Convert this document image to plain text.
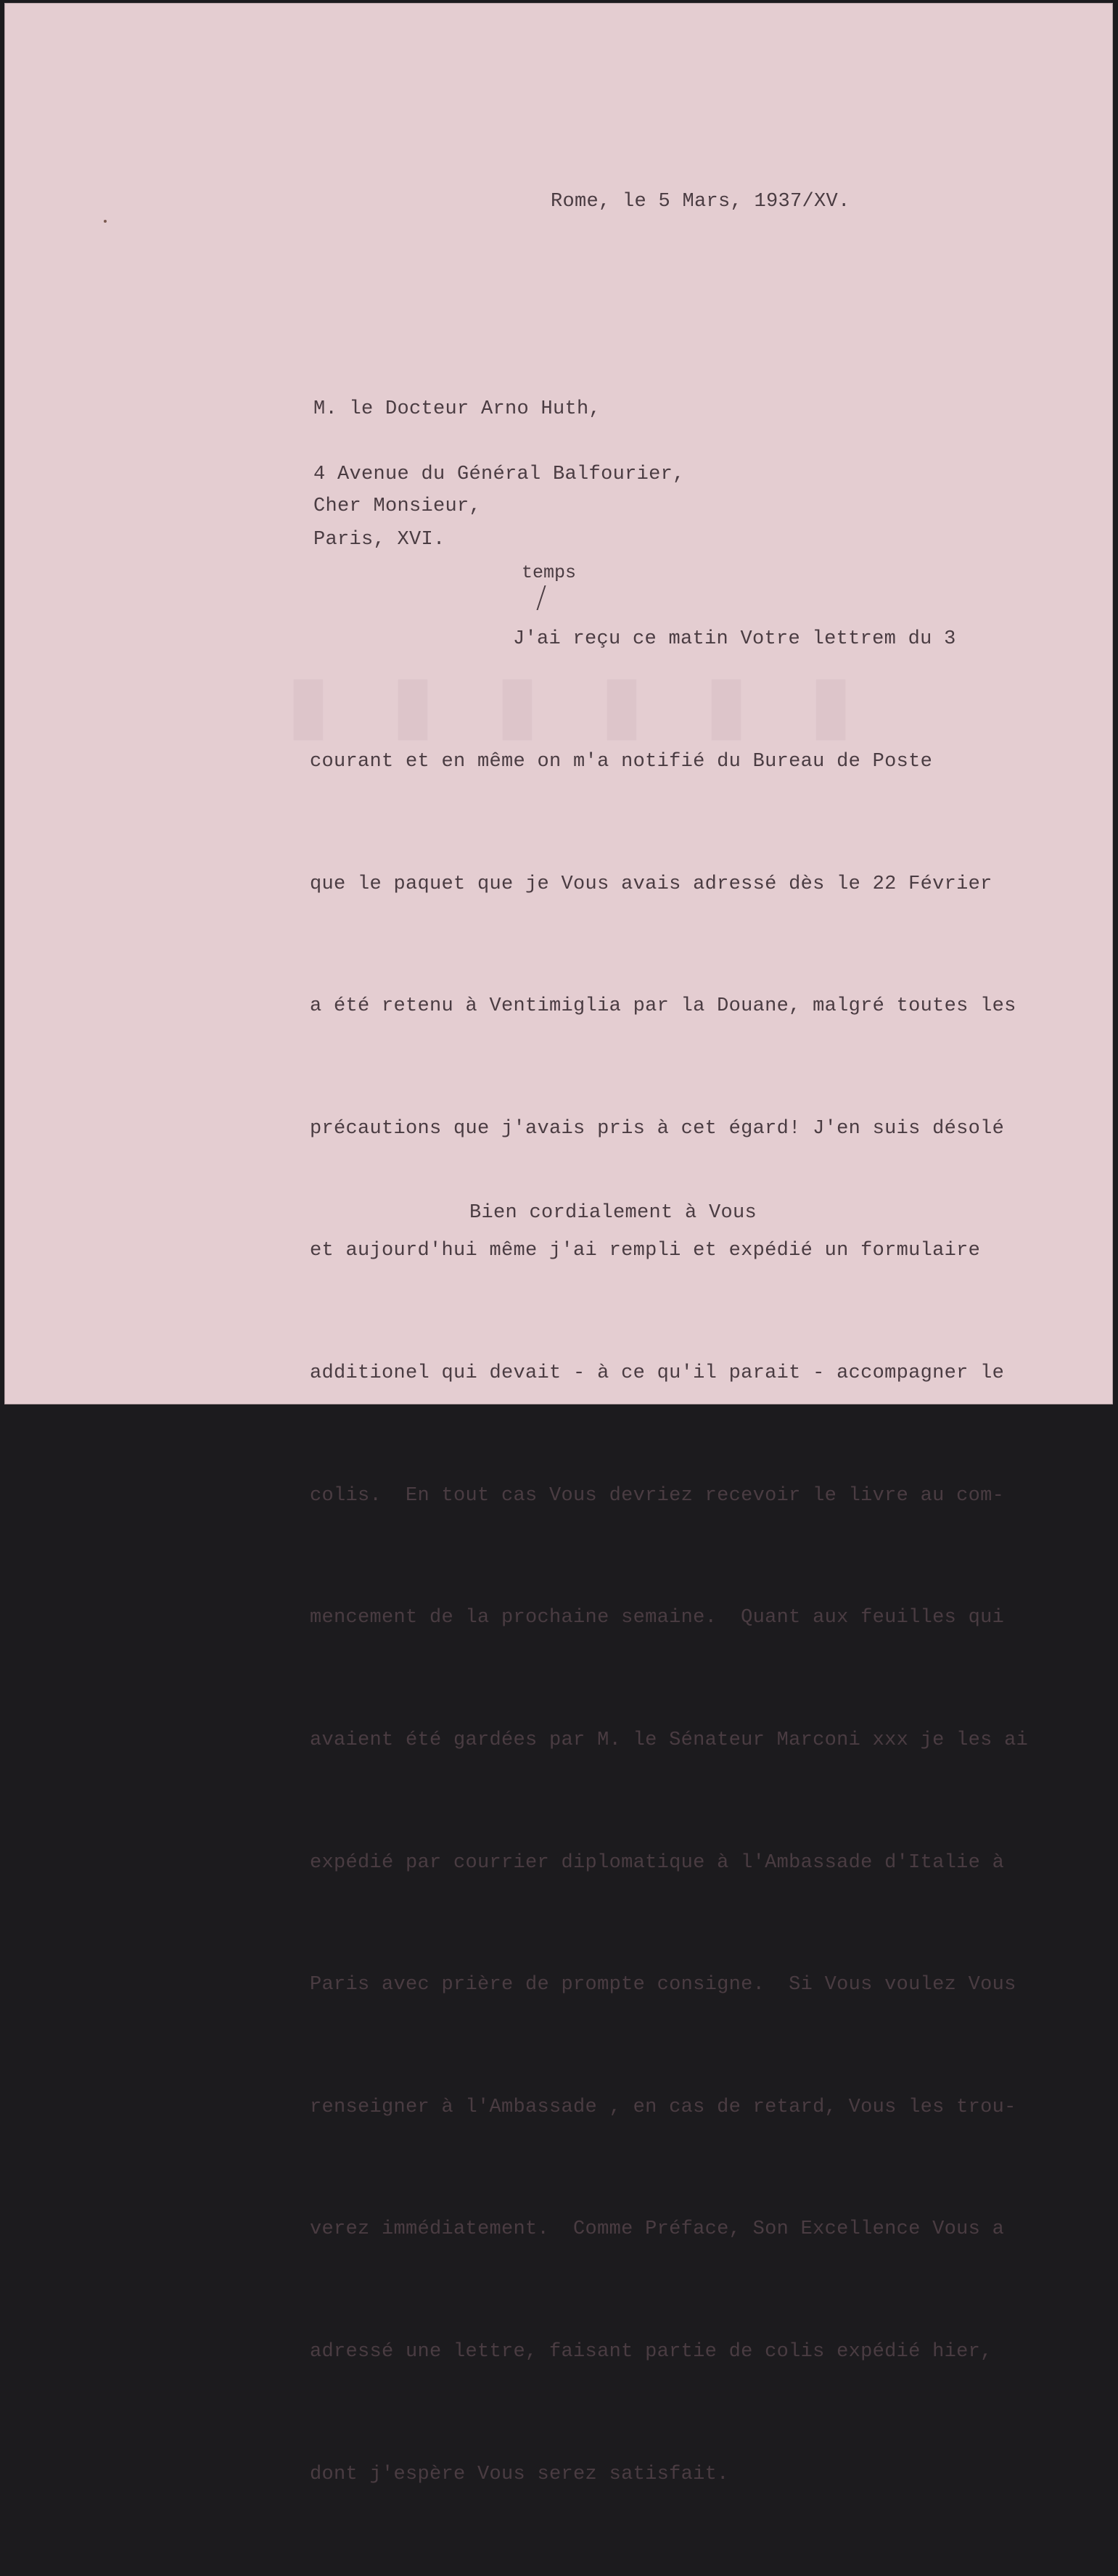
▮ ▮ ▮ ▮ ▮ ▮
Rome, le 5 Mars, 1937/XV.

M. le Docteur Arno Huth,

4 Avenue du Général Balfourier,

Paris, XVI.

Cher Monsieur,
temps

J'ai reçu ce matin Votre lettrem du 3

courant et en même on m'a notifié du Bureau de Poste

que le paquet que je Vous avais adressé dès le 22 Février

a été retenu à Ventimiglia par la Douane, malgré toutes les

précautions que j'avais pris à cet égard! J'en suis désolé

et aujourd'hui même j'ai rempli et expédié un formulaire

additionel qui devait - à ce qu'il parait - accompagner le

colis.  En tout cas Vous devriez recevoir le livre au com-

mencement de la prochaine semaine.  Quant aux feuilles qui

avaient été gardées par M. le Sénateur Marconi xxx je les ai

expédié par courrier diplomatique à l'Ambassade d'Italie à

Paris avec prière de prompte consigne.  Si Vous voulez Vous

renseigner à l'Ambassade , en cas de retard, Vous les trou-

verez immédiatement.  Comme Préface, Son Excellence Vous a

adressé une lettre, faisant partie de colis expédié hier,

dont j'espère Vous serez satisfait.

Bien cordialement à Vous
